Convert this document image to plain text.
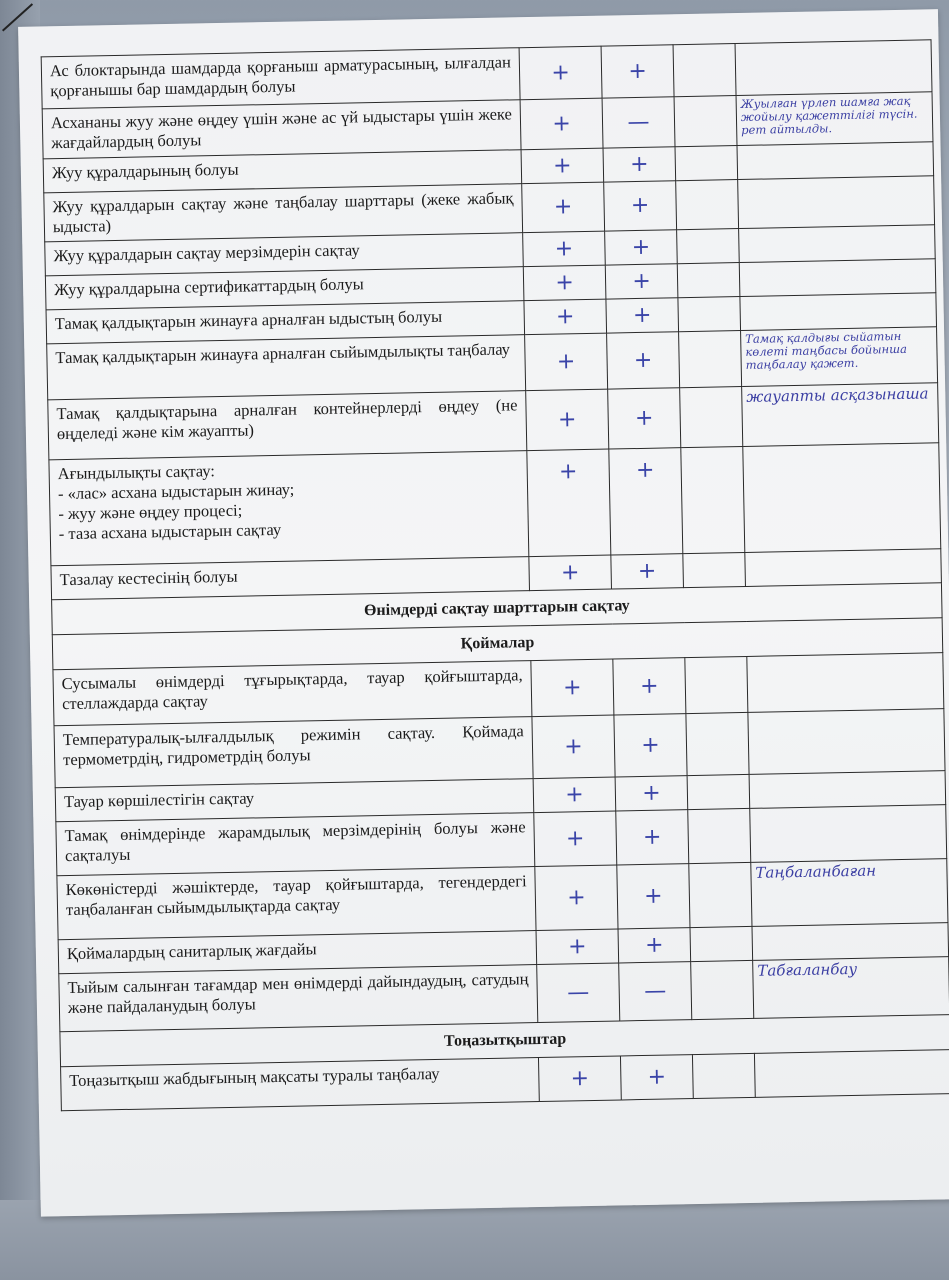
Ас блоктарында шамдарда қорғаныш арматурасының, ылғалдан қорғанышы бар шамдардың болуы	+	+		
Асхананы жуу және өңдеу үшін және ас үй ыдыстары үшін жеке жағдайлардың болуы	+	—		Жуылған үрлеп шамға жақ жойылу қажеттілігі түсін. рет айтылды.
Жуу құралдарының болуы	+	+		
Жуу құралдарын сақтау және таңбалау шарттары (жеке жабық ыдыста)	+	+		
Жуу құралдарын сақтау мерзімдерін сақтау	+	+		
Жуу құралдарына сертификаттардың болуы	+	+		
Тамақ қалдықтарын жинауға арналған ыдыстың болуы	+	+		
Тамақ қалдықтарын жинауға арналған сыйымдылықты таңбалау	+	+		Тамақ қалдығы сыйатын көлеті таңбасы бойынша таңбалау қажет.
Тамақ қалдықтарына арналған контейнерлерді өңдеу (не өңделеді және кім жауапты)	+	+		жауапты асқазынаша

Ағындылықты сақтау:
- «лас» асхана ыдыстарын жинау;
- жуу және өңдеу процесі;
- таза асхана ыдыстарын сақтау	+	+		
Тазалау кестесінің болуы	+	+		
Өнімдерді сақтау шарттарын сақтау				
Қоймалар				
Сусымалы өнімдерді тұғырықтарда, тауар қойғыштарда, стеллаждарда сақтау	+	+		
Температуралық-ылғалдылық режимін сақтау. Қоймада термометрдің, гидрометрдің болуы	+	+		
Тауар көршілестігін сақтау	+	+		
Тамақ өнімдерінде жарамдылық мерзімдерінің болуы және сақталуы	+	+		
Көкөністерді жәшіктерде, тауар қойғыштарда, тегендердегі таңбаланған сыйымдылықтарда сақтау	+	+		Таңбаланбаған
Қоймалардың санитарлық жағдайы	+	+		
Тыйым салынған тағамдар мен өнімдерді дайындаудың, сатудың және пайдаланудың болуы	—	—		Табғаланбау
Тоңазытқыштар				
Тоңазытқыш жабдығының мақсаты туралы таңбалау	+	+		
